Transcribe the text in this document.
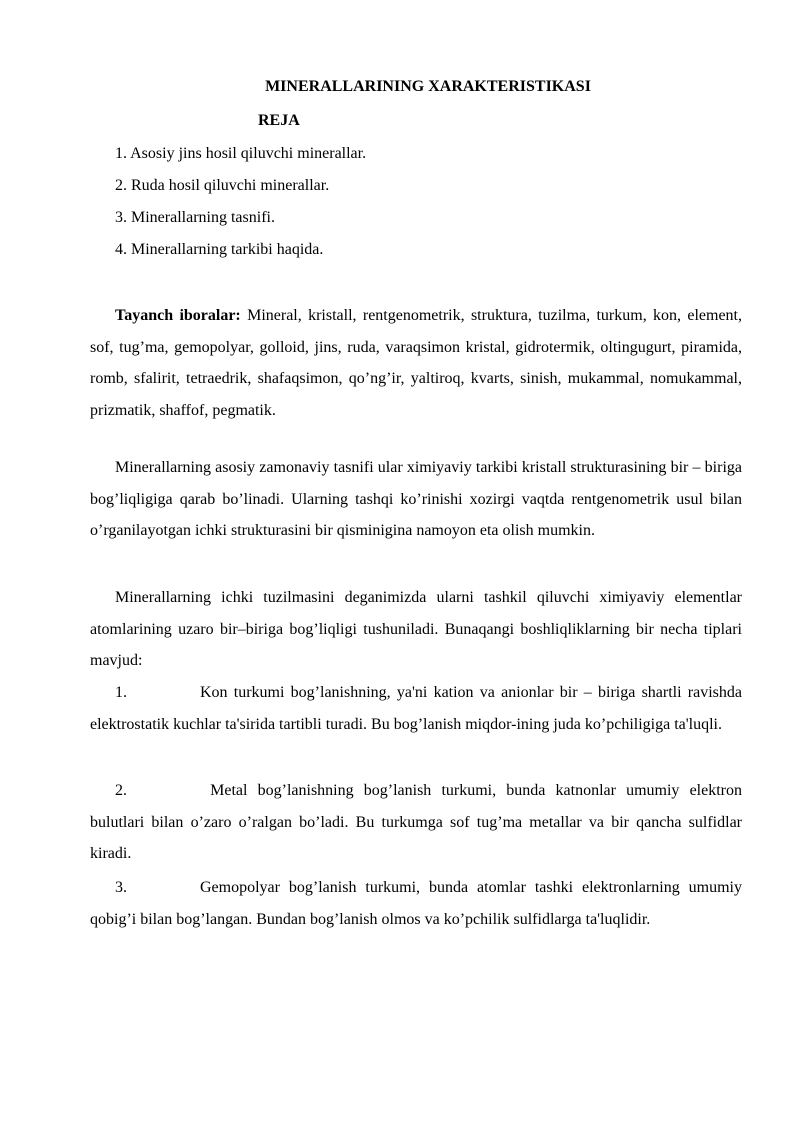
MINERALLARINING XARAKTERISTIKASI
REJA
1. Asosiy jins hosil qiluvchi minerallar.
2. Ruda hosil qiluvchi minerallar.
3. Minerallarning tasnifi.
4. Minerallarning tarkibi haqida.

Tayanch iboralar: Mineral, kristall, rentgenometrik, struktura, tuzilma, turkum, kon, element, sof, tug’ma, gemopolyar, golloid, jins, ruda, varaqsimon kristal, gidrotermik, oltingugurt, piramida, romb, sfalirit, tetraedrik, shafaqsimon, qo’ng’ir, yaltiroq, kvarts, sinish, mukammal, nomukammal, prizmatik, shaffof, pegmatik.

Minerallarning asosiy zamonaviy tasnifi ular ximiyaviy tarkibi kristall strukturasining bir – biriga bog’liqligiga qarab bo’linadi. Ularning tashqi ko’rinishi xozirgi vaqtda rentgenometrik usul bilan o’rganilayotgan ichki strukturasini bir qisminigina namoyon eta olish mumkin.

Minerallarning ichki tuzilmasini deganimizda ularni tashkil qiluvchi ximiyaviy elementlar atomlarining uzaro bir–biriga bog’liqligi tushuniladi. Bunaqangi boshliqliklarning bir necha tiplari mavjud:

1.	Kon turkumi bog’lanishning, ya'ni kation va anionlar bir – biriga shartli ravishda elektrostatik kuchlar ta'sirida tartibli turadi. Bu bog’lanish miqdor-ining juda ko’pchiligiga ta'luqli.

2.	Metal bog’lanishning bog’lanish turkumi, bunda katnonlar umumiy elektron bulutlari bilan o’zaro o’ralgan bo’ladi. Bu turkumga sof tug’ma metallar va bir qancha sulfidlar kiradi.

3.	Gemopolyar bog’lanish turkumi, bunda atomlar tashki elektronlarning umumiy qobig’i bilan bog’langan. Bundan bog’lanish olmos va ko’pchilik sulfidlarga ta'luqlidir.
